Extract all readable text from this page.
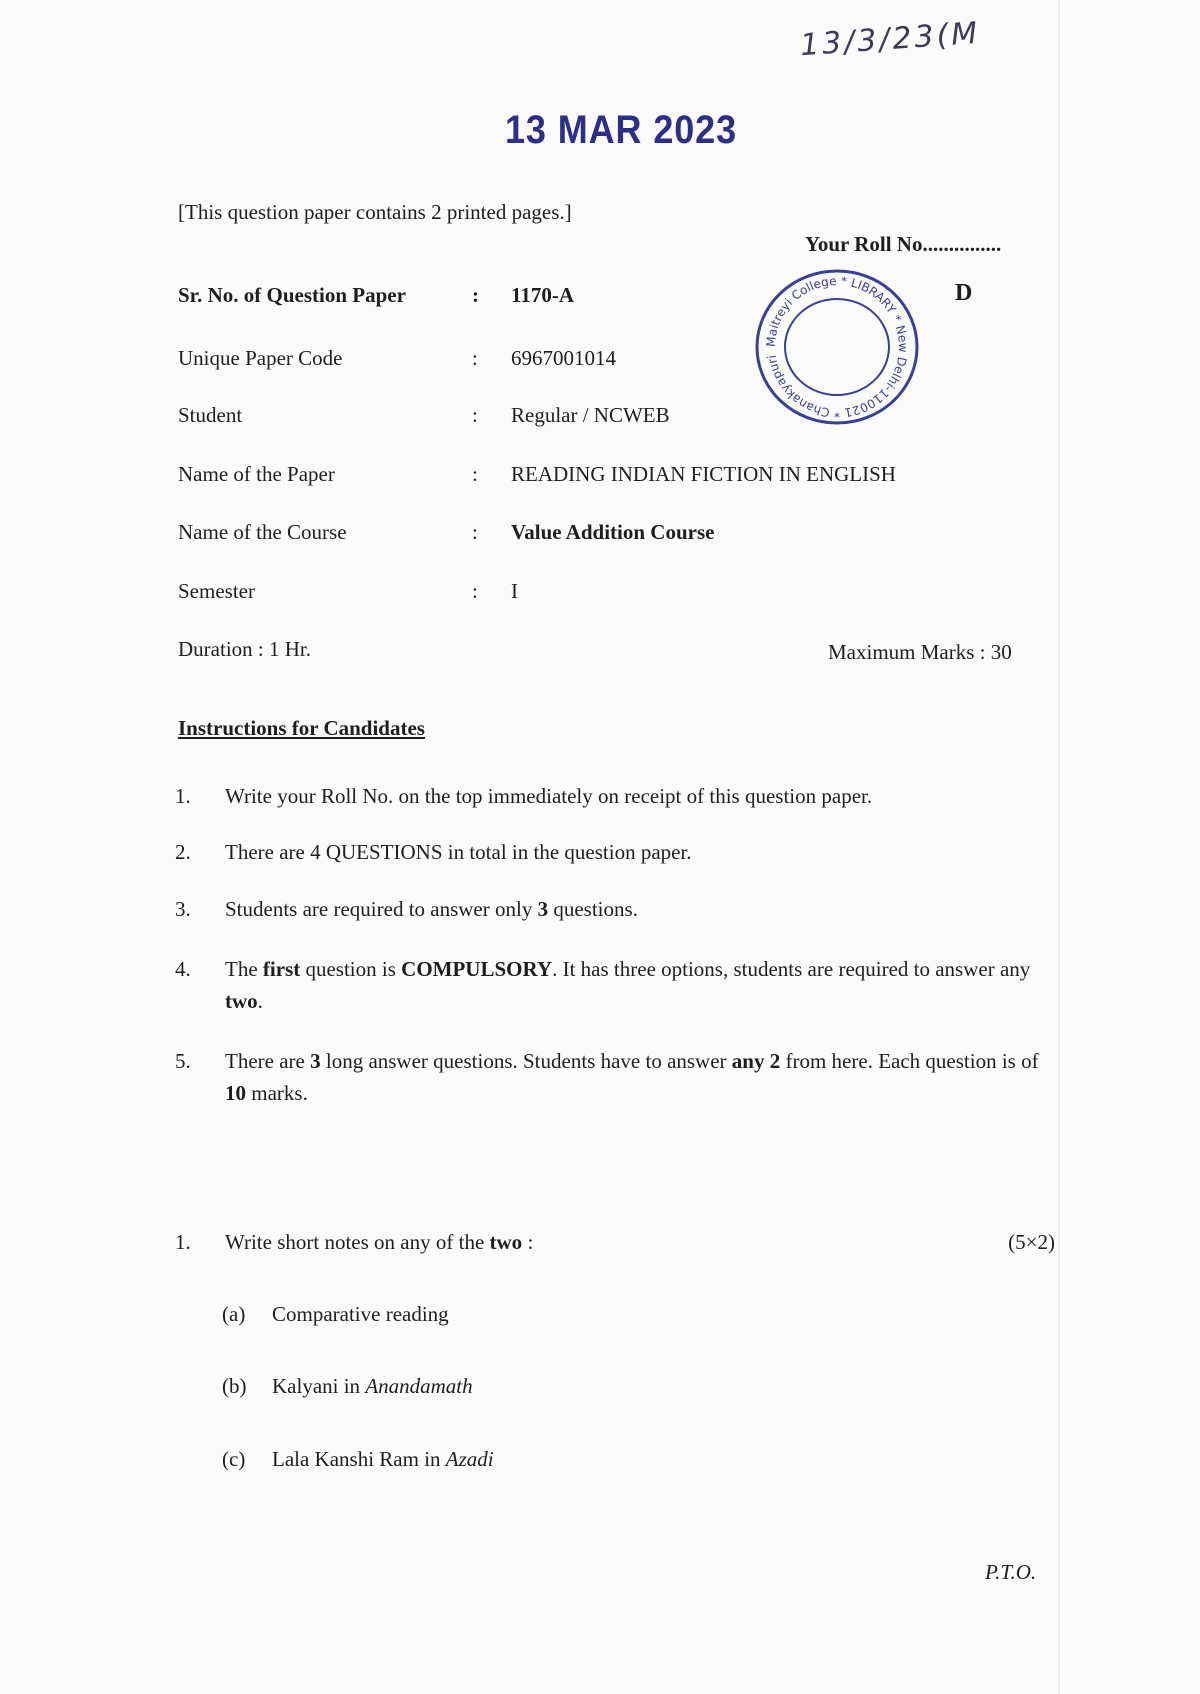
13/3/23(M
13 MAR 2023
[This question paper contains 2 printed pages.]
Your Roll No...............
D
Maitreyi College * LIBRARY * New Delhi-110021 * Chanakyapuri
Sr. No. of Question Paper	: 1170-A
Unique Paper Code	: 6967001014
Student	: Regular / NCWEB
Name of the Paper	: READING INDIAN FICTION IN ENGLISH
Name of the Course	: Value Addition Course
Semester	: I
Duration : 1 Hr.	Maximum Marks : 30
Instructions for Candidates
1. Write your Roll No. on the top immediately on receipt of this question paper.
2. There are 4 QUESTIONS in total in the question paper.
3. Students are required to answer only 3 questions.
4. The first question is COMPULSORY. It has three options, students are required to answer any two.
5. There are 3 long answer questions. Students have to answer any 2 from here. Each question is of 10 marks.
1. Write short notes on any of the two :	(5×2)
(a) Comparative reading
(b) Kalyani in Anandamath
(c) Lala Kanshi Ram in Azadi
P.T.O.
